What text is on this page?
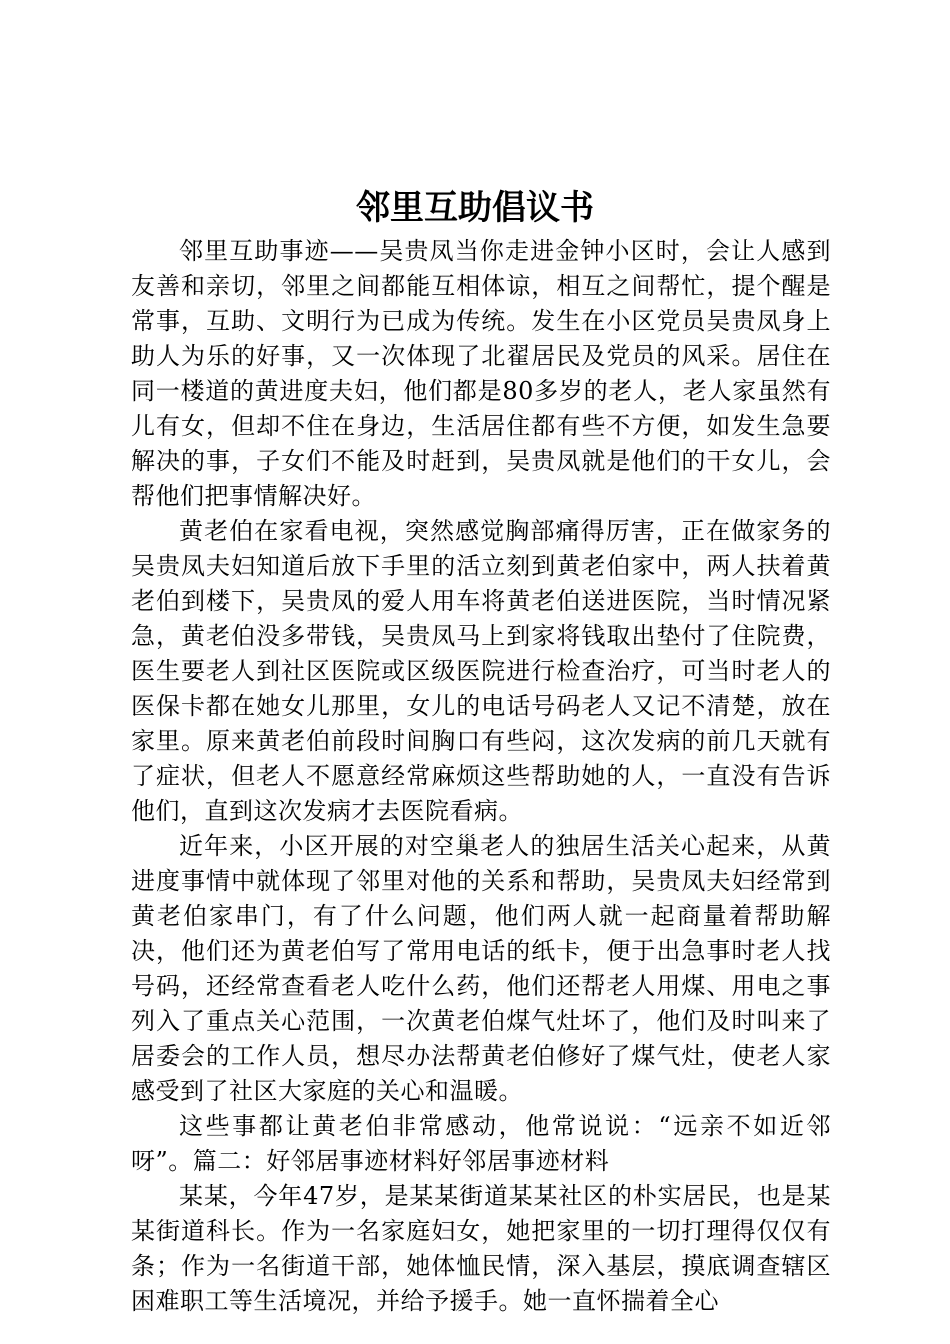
邻里互助倡议书

邻里互助事迹——吴贵凤当你走进金钟小区时，会让人感到友善和亲切，邻里之间都能互相体谅，相互之间帮忙，提个醒是常事，互助、文明行为已成为传统。发生在小区党员吴贵凤身上助人为乐的好事，又一次体现了北翟居民及党员的风采。居住在同一楼道的黄进度夫妇，他们都是80多岁的老人，老人家虽然有儿有女，但却不住在身边，生活居住都有些不方便，如发生急要解决的事，子女们不能及时赶到，吴贵凤就是他们的干女儿，会帮他们把事情解决好。

黄老伯在家看电视，突然感觉胸部痛得厉害，正在做家务的吴贵凤夫妇知道后放下手里的活立刻到黄老伯家中，两人扶着黄老伯到楼下，吴贵凤的爱人用车将黄老伯送进医院，当时情况紧急，黄老伯没多带钱，吴贵凤马上到家将钱取出垫付了住院费，医生要老人到社区医院或区级医院进行检查治疗，可当时老人的医保卡都在她女儿那里，女儿的电话号码老人又记不清楚，放在家里。原来黄老伯前段时间胸口有些闷，这次发病的前几天就有了症状，但老人不愿意经常麻烦这些帮助她的人，一直没有告诉他们，直到这次发病才去医院看病。

近年来，小区开展的对空巢老人的独居生活关心起来，从黄进度事情中就体现了邻里对他的关系和帮助，吴贵凤夫妇经常到黄老伯家串门，有了什么问题，他们两人就一起商量着帮助解决，他们还为黄老伯写了常用电话的纸卡，便于出急事时老人找号码，还经常查看老人吃什么药，他们还帮老人用煤、用电之事列入了重点关心范围，一次黄老伯煤气灶坏了，他们及时叫来了居委会的工作人员，想尽办法帮黄老伯修好了煤气灶，使老人家感受到了社区大家庭的关心和温暖。

这些事都让黄老伯非常感动，他常说说：“远亲不如近邻呀”。篇二：好邻居事迹材料好邻居事迹材料

某某，今年47岁，是某某街道某某社区的朴实居民，也是某某街道科长。作为一名家庭妇女，她把家里的一切打理得仅仅有条；作为一名街道干部，她体恤民情，深入基层，摸底调查辖区困难职工等生活境况，并给予援手。她一直怀揣着全心
